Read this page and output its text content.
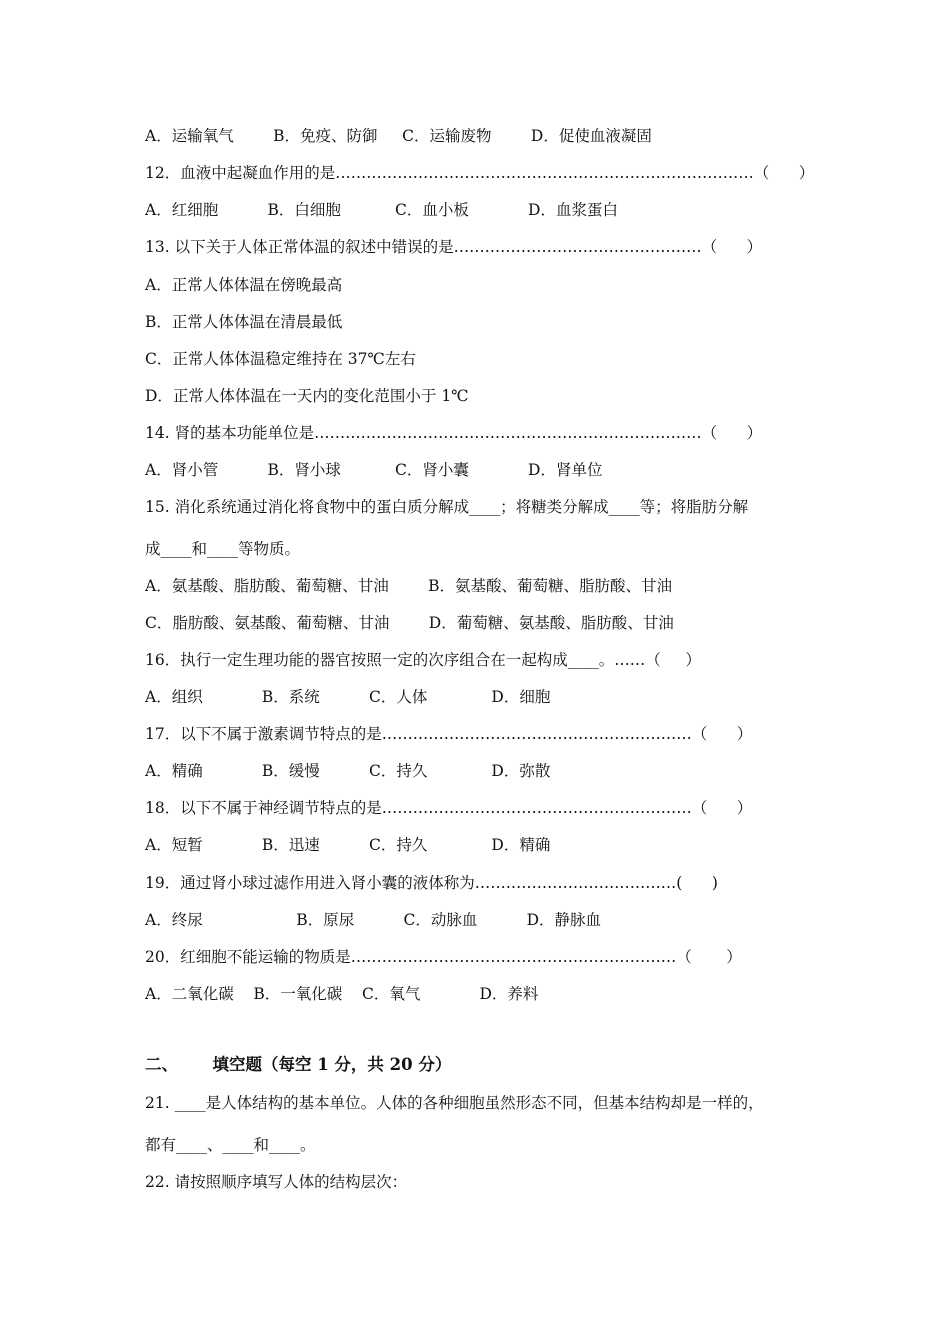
A．运输氧气        B．免疫、防御     C．运输废物        D．促使血液凝固
12．血液中起凝血作用的是………………………………………………………………………（      ）
A．红细胞          B．白细胞           C．血小板            D．血浆蛋白
13. 以下关于人体正常体温的叙述中错误的是…………………………………………（      ）
A．正常人体体温在傍晚最高
B．正常人体体温在清晨最低
C．正常人体体温稳定维持在 37℃左右
D．正常人体体温在一天内的变化范围小于 1℃
14. 肾的基本功能单位是…………………………………………………………………（      ）
A．肾小管          B．肾小球           C．肾小囊            D．肾单位
15. 消化系统通过消化将食物中的蛋白质分解成____；将糖类分解成____等；将脂肪分解
成____和____等物质。
A．氨基酸、脂肪酸、葡萄糖、甘油        B．氨基酸、葡萄糖、脂肪酸、甘油
C．脂肪酸、氨基酸、葡萄糖、甘油        D．葡萄糖、氨基酸、脂肪酸、甘油
16．执行一定生理功能的器官按照一定的次序组合在一起构成____。……（     ）
A．组织            B．系统          C．人体             D．细胞
17．以下不属于激素调节特点的是……………………………………………………（      ）
A．精确            B．缓慢          C．持久             D．弥散
18．以下不属于神经调节特点的是……………………………………………………（      ）
A．短暂            B．迅速          C．持久             D．精确
19．通过肾小球过滤作用进入肾小囊的液体称为…………………………………(      )
A．终尿                   B．原尿          C．动脉血          D．静脉血
20．红细胞不能运输的物质是………………………………………………………（       ）
A．二氧化碳    B．一氧化碳    C．氧气            D．养料
二、      填空题（每空 1 分，共 20 分）
21. ____是人体结构的基本单位。人体的各种细胞虽然形态不同，但基本结构却是一样的，
都有____、____和____。
22. 请按照顺序填写人体的结构层次：
